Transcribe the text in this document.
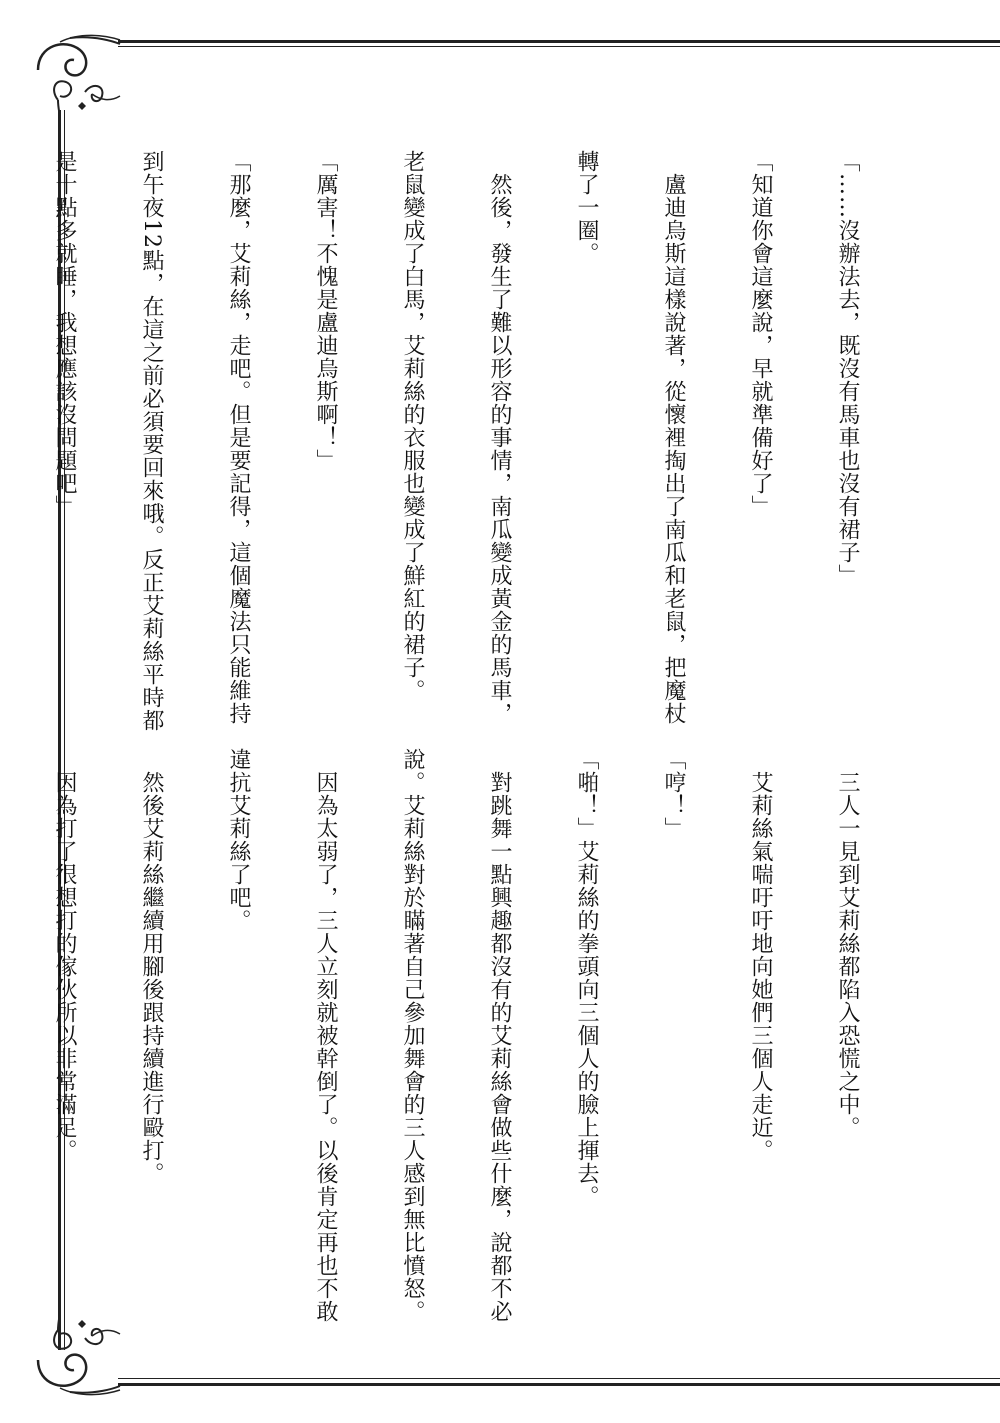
「……沒辦法去，既沒有馬車也沒有裙子」

「知道你會這麼說，早就準備好了」

　盧迪烏斯這樣說著，從懷裡掏出了南瓜和老鼠，把魔杖

轉了一圈。

　然後，發生了難以形容的事情，南瓜變成黃金的馬車，

老鼠變成了白馬，艾莉絲的衣服也變成了鮮紅的裙子。

「厲害！不愧是盧迪烏斯啊！」

「那麼，艾莉絲，走吧。但是要記得，這個魔法只能維持

到午夜12點，在這之前必須要回來哦。反正艾莉絲平時都

是十點多就睡，我想應該沒問題吧」

　三人一見到艾莉絲都陷入恐慌之中。

　艾莉絲氣喘吁吁地向她們三個人走近。

「哼！」

「啪！」艾莉絲的拳頭向三個人的臉上揮去。

　對跳舞一點興趣都沒有的艾莉絲會做些什麼，說都不必

說。艾莉絲對於瞞著自己參加舞會的三人感到無比憤怒。

　因為太弱了，三人立刻就被幹倒了。以後肯定再也不敢

違抗艾莉絲了吧。

　然後艾莉絲繼續用腳後跟持續進行毆打。

　因為打了很想打的傢伙所以非常滿足。
